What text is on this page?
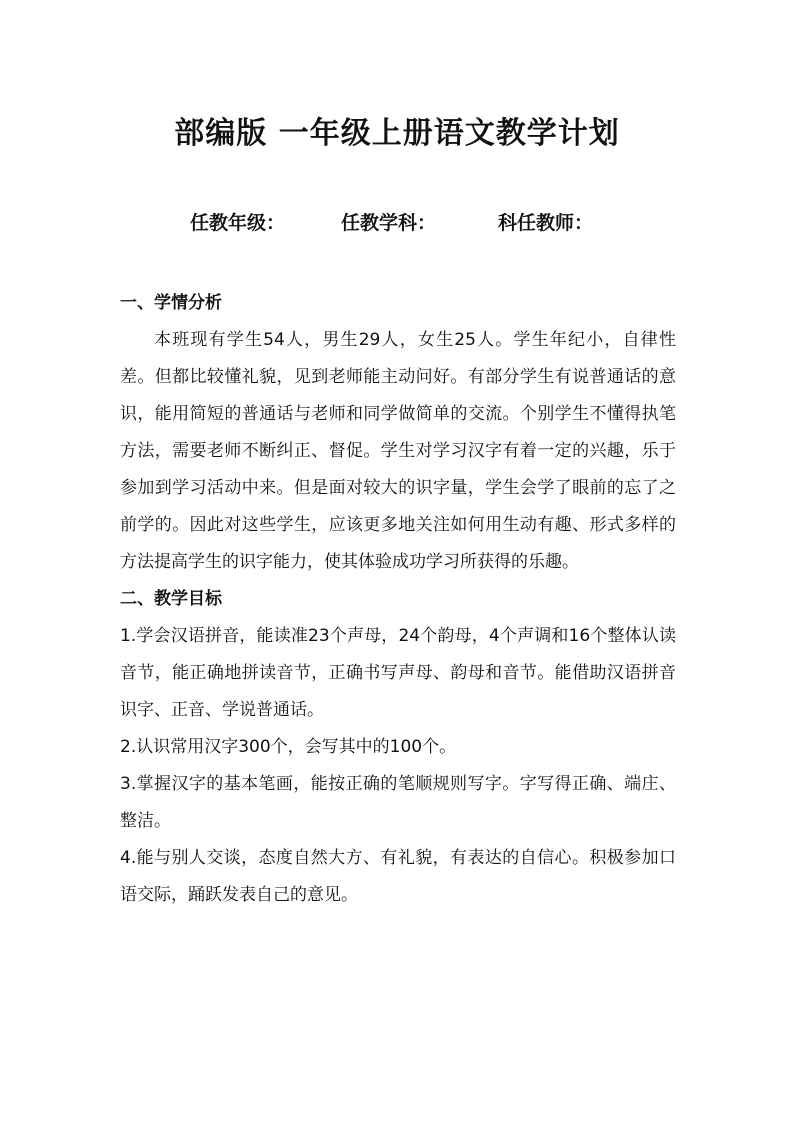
部编版 一年级上册语文教学计划
任教年级：	任教学科：	科任教师：

一、学情分析

本班现有学生54人，男生29人，女生25人。学生年纪小，自律性差。但都比较懂礼貌，见到老师能主动问好。有部分学生有说普通话的意识，能用简短的普通话与老师和同学做简单的交流。个别学生不懂得执笔方法，需要老师不断纠正、督促。学生对学习汉字有着一定的兴趣，乐于参加到学习活动中来。但是面对较大的识字量，学生会学了眼前的忘了之前学的。因此对这些学生，应该更多地关注如何用生动有趣、形式多样的方法提高学生的识字能力，使其体验成功学习所获得的乐趣。

二、教学目标

1.学会汉语拼音，能读准23个声母，24个韵母，4个声调和16个整体认读音节，能正确地拼读音节，正确书写声母、韵母和音节。能借助汉语拼音识字、正音、学说普通话。

2.认识常用汉字300个，会写其中的100个。

3.掌握汉字的基本笔画，能按正确的笔顺规则写字。字写得正确、端庄、整洁。

4.能与别人交谈，态度自然大方、有礼貌，有表达的自信心。积极参加口语交际，踊跃发表自己的意见。
